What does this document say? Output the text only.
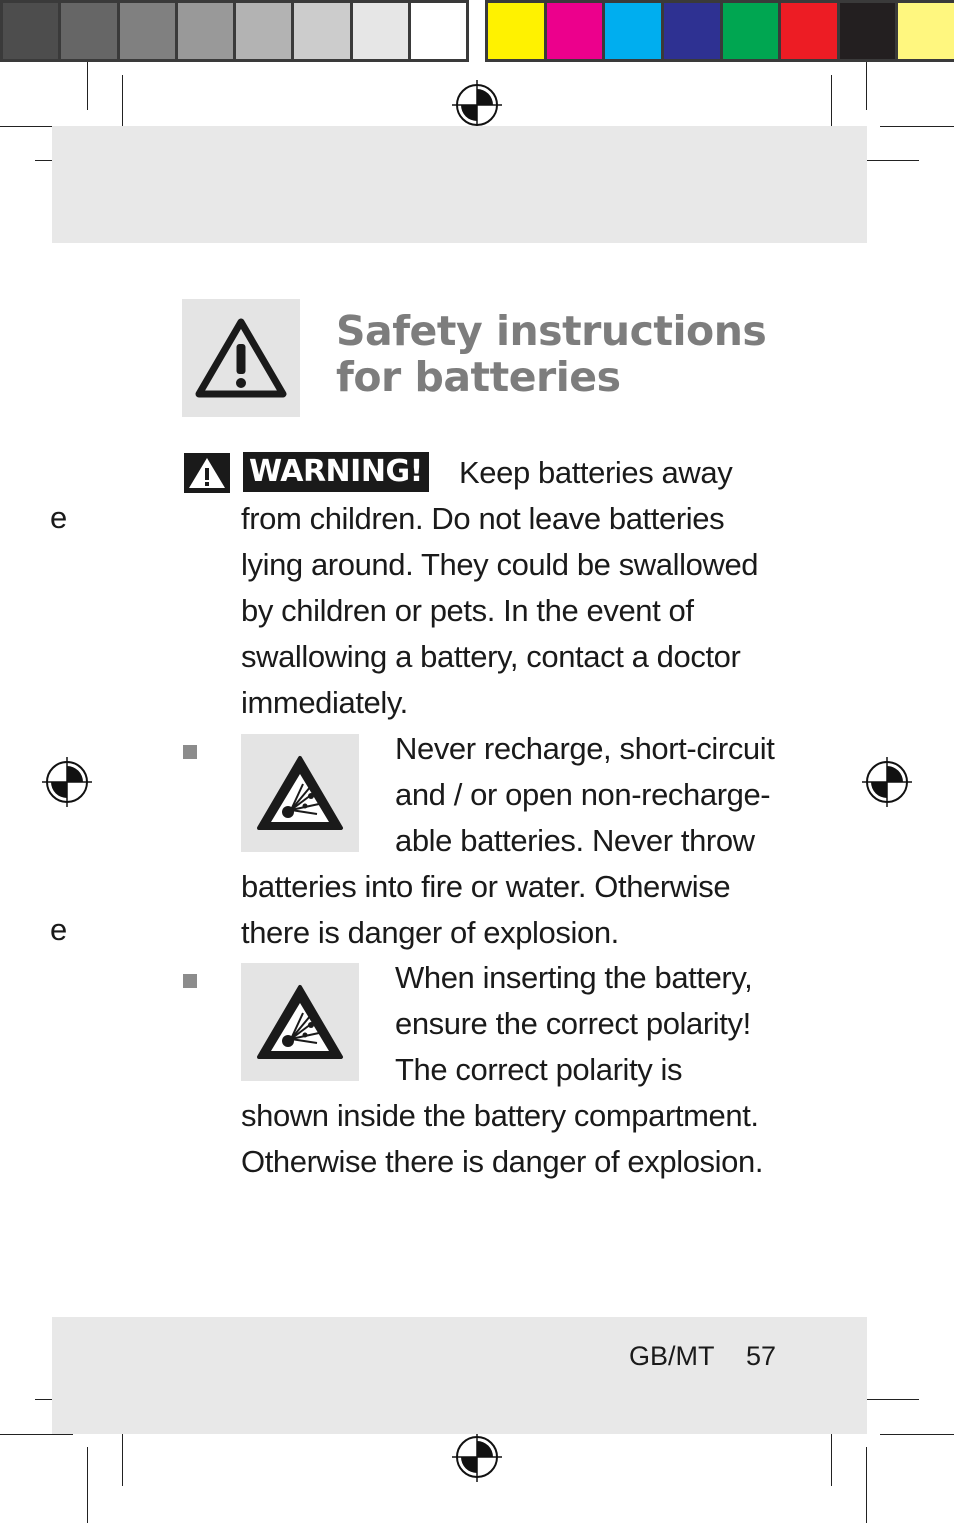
e
e
Safety instructions
for batteries
WARNING! Keep batteries away
from children. Do not leave batteries
lying around. They could be swallowed
by children or pets. In the event of
swallowing a battery, contact a doctor
immediately.
Never recharge, short-circuit
and / or open non-recharge-
able batteries. Never throw
batteries into fire or water. Otherwise
there is danger of explosion.
When inserting the battery,
ensure the correct polarity!
The correct polarity is
shown inside the battery compartment.
Otherwise there is danger of explosion.
GB/MT 57
